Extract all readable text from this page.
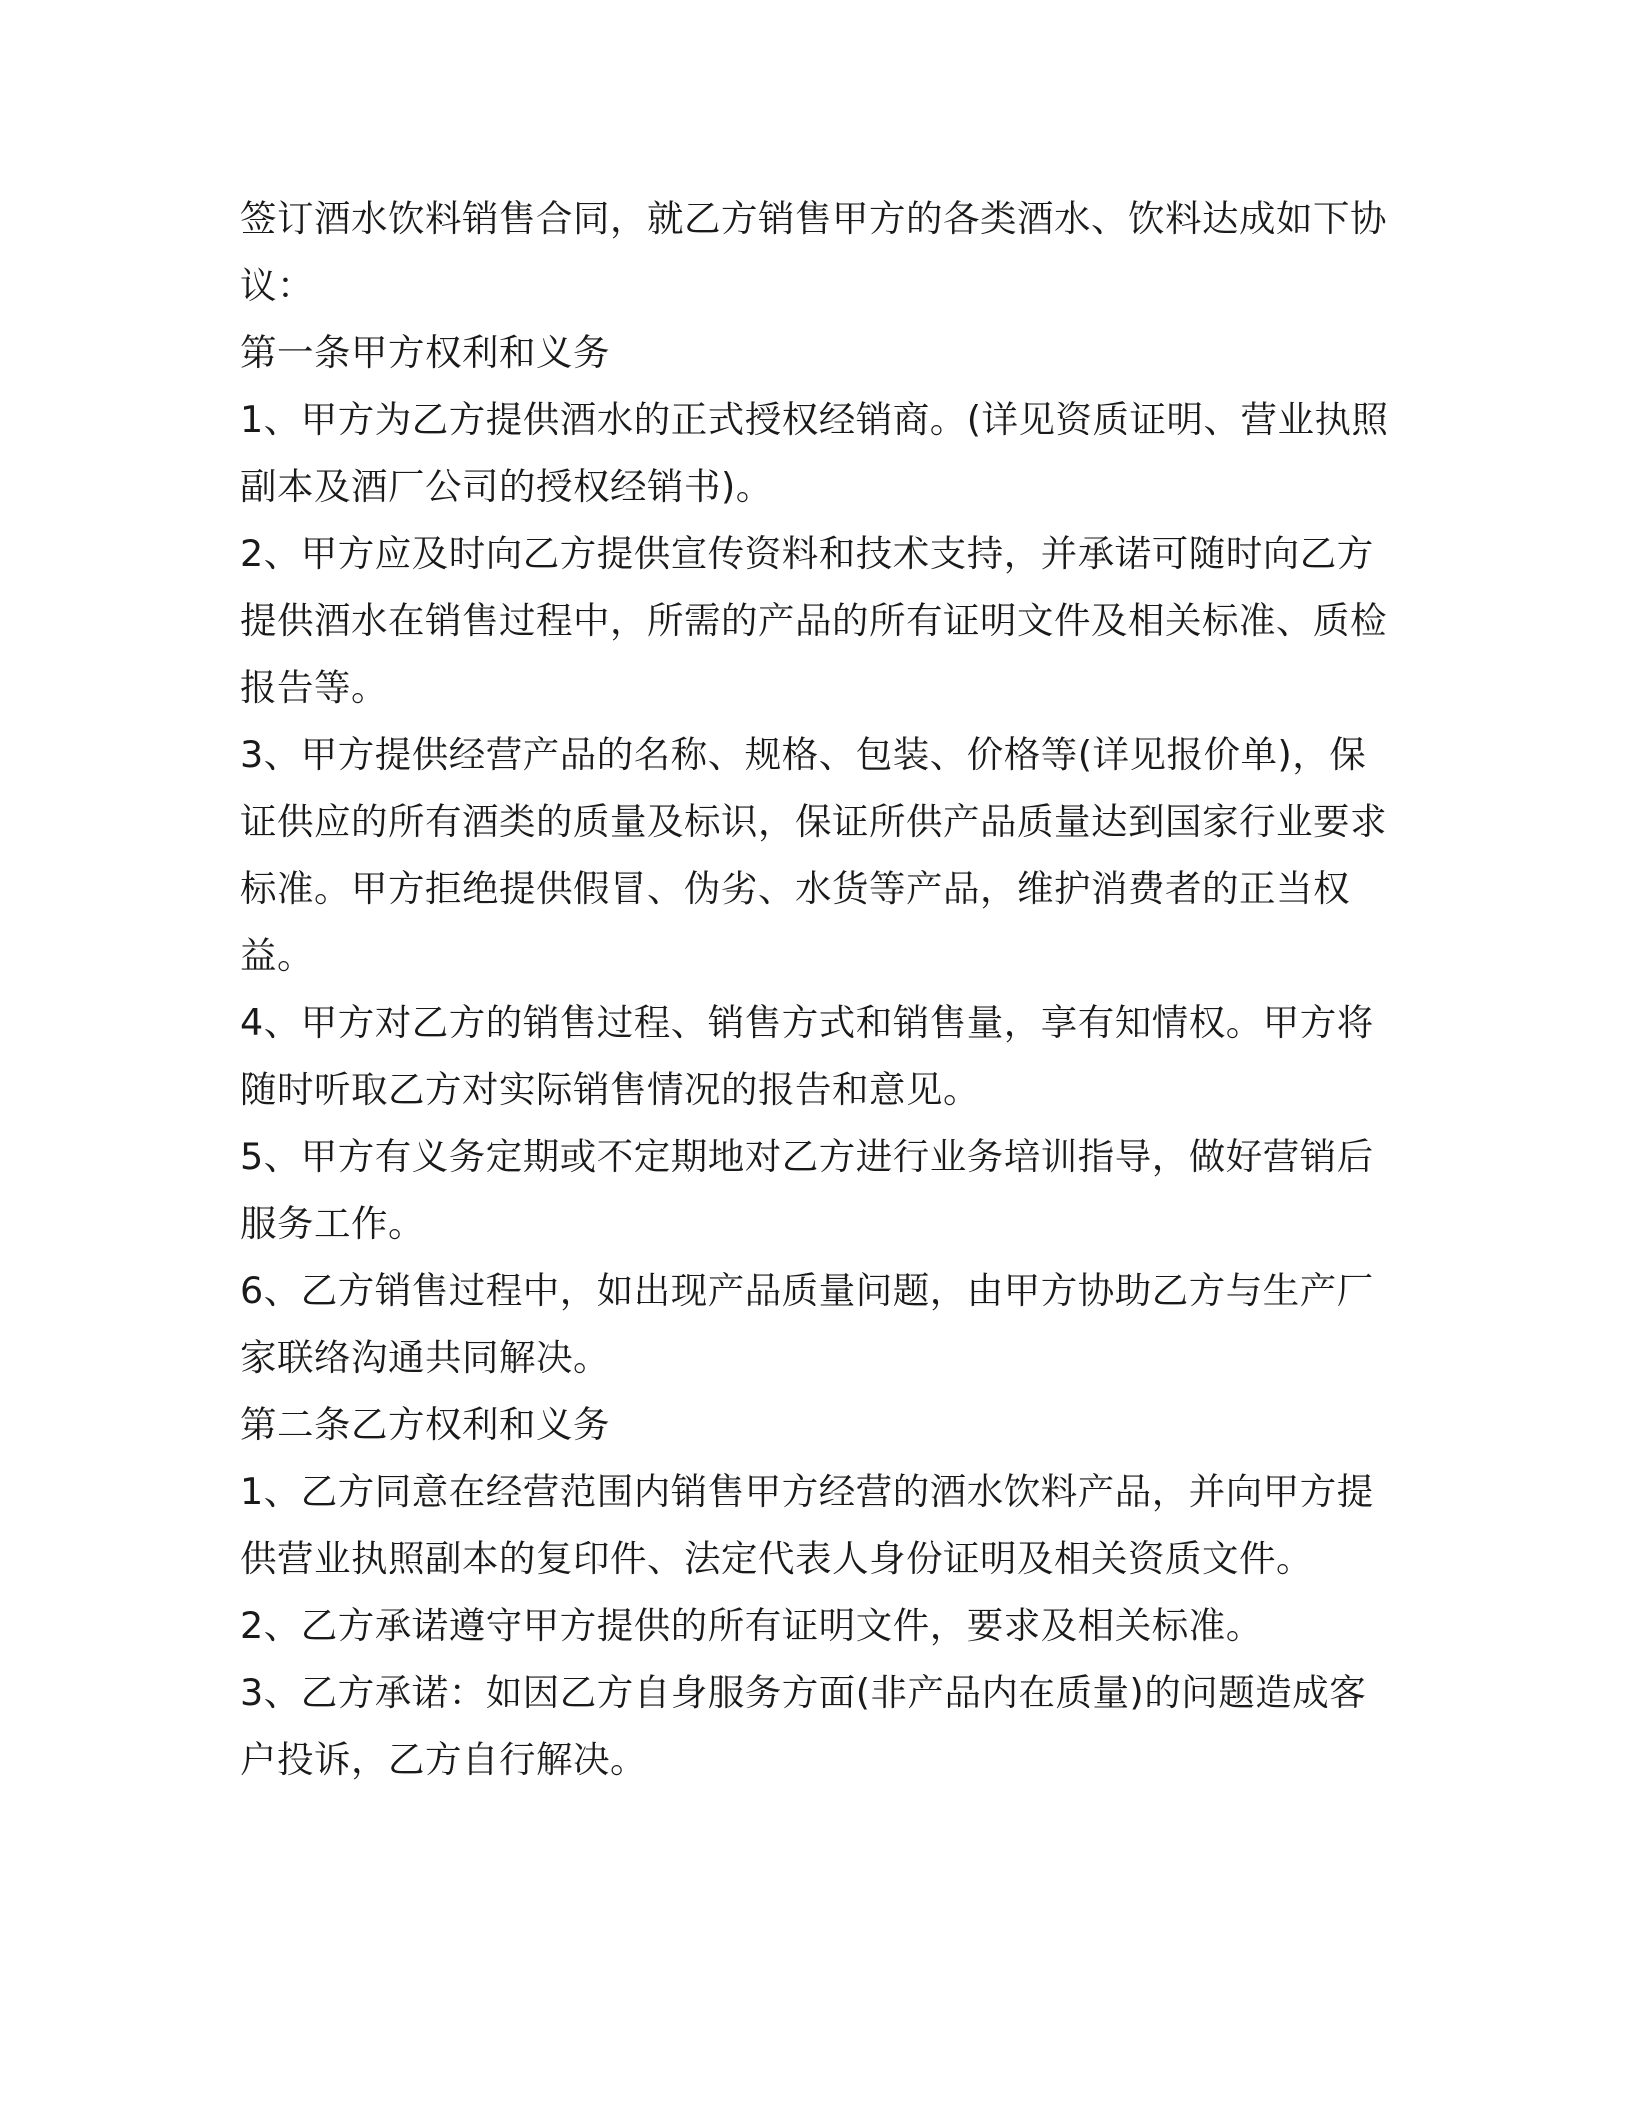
签订酒水饮料销售合同，就乙方销售甲方的各类酒水、饮料达成如下协议：

第一条甲方权利和义务

1、甲方为乙方提供酒水的正式授权经销商。(详见资质证明、营业执照副本及酒厂公司的授权经销书)。

2、甲方应及时向乙方提供宣传资料和技术支持，并承诺可随时向乙方提供酒水在销售过程中，所需的产品的所有证明文件及相关标准、质检报告等。

3、甲方提供经营产品的名称、规格、包装、价格等(详见报价单)，保证供应的所有酒类的质量及标识，保证所供产品质量达到国家行业要求标准。甲方拒绝提供假冒、伪劣、水货等产品，维护消费者的正当权益。

4、甲方对乙方的销售过程、销售方式和销售量，享有知情权。甲方将随时听取乙方对实际销售情况的报告和意见。

5、甲方有义务定期或不定期地对乙方进行业务培训指导，做好营销后服务工作。

6、乙方销售过程中，如出现产品质量问题，由甲方协助乙方与生产厂家联络沟通共同解决。

第二条乙方权利和义务

1、乙方同意在经营范围内销售甲方经营的酒水饮料产品，并向甲方提供营业执照副本的复印件、法定代表人身份证明及相关资质文件。

2、乙方承诺遵守甲方提供的所有证明文件，要求及相关标准。

3、乙方承诺：如因乙方自身服务方面(非产品内在质量)的问题造成客户投诉，乙方自行解决。
